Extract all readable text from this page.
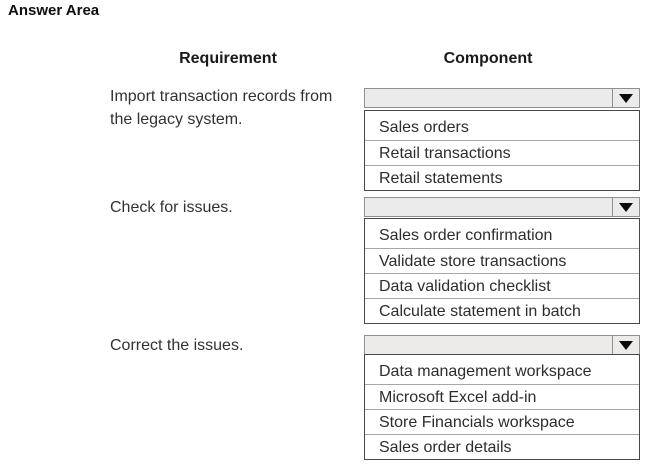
Answer Area
Requirement	Component
Import transaction records from the legacy system.	Sales orders
Retail transactions
Retail statements
Check for issues.
Sales order confirmation
Validate store transactions
Data validation checklist
Calculate statement in batch
Correct the issues.
Data management workspace
Microsoft Excel add-in
Store Financials workspace
Sales order details
